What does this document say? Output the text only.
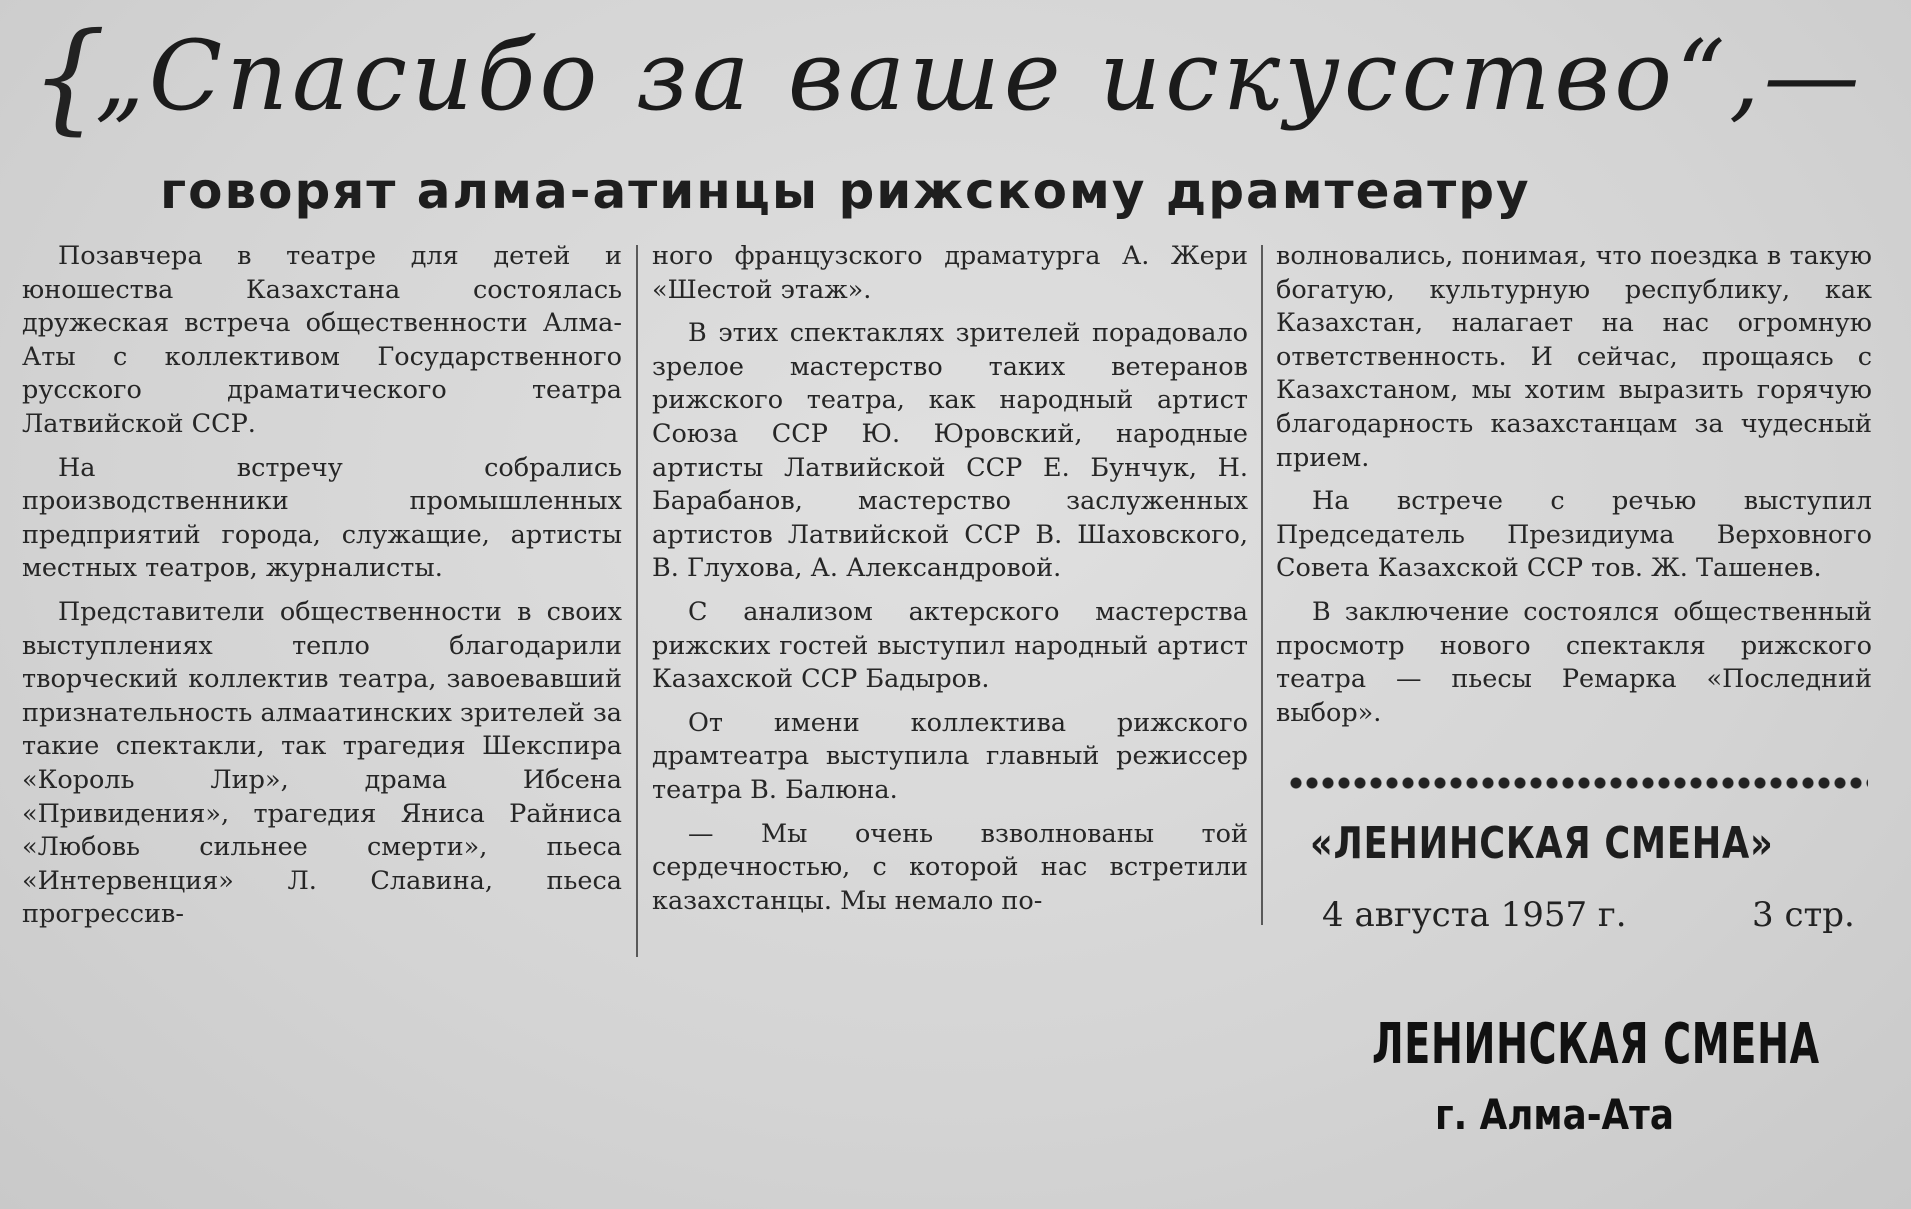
{
„Спасибо за ваше искусство“,—
говорят алма-атинцы рижскому драмтеатру

Позавчера в театре для детей и юношества Казахстана состоялась дружеская встреча общественности Алма-Аты с коллективом Государственного русского драматического театра Латвийской ССР.

На встречу собрались производственники промышленных предприятий города, служащие, артисты местных театров, журналисты.

Представители общественности в своих выступлениях тепло благодарили творческий коллектив театра, завоевавший признательность алмаатинских зрителей за такие спектакли, так трагедия Шекспира «Король Лир», драма Ибсена «Привидения», трагедия Яниса Райниса «Любовь сильнее смерти», пьеса «Интервенция» Л. Славина, пьеса прогрессив-

ного французского драматурга А. Жери «Шестой этаж».

В этих спектаклях зрителей порадовало зрелое мастерство таких ветеранов рижского театра, как народный артист Союза ССР Ю. Юровский, народные артисты Латвийской ССР Е. Бунчук, Н. Барабанов, мастерство заслуженных артистов Латвийской ССР В. Шаховского, В. Глухова, А. Александровой.

С анализом актерского мастерства рижских гостей выступил народный артист Казахской ССР Бадыров.

От имени коллектива рижского драмтеатра выступила главный режиссер театра В. Балюна.

— Мы очень взволнованы той сердечностью, с которой нас встретили казахстанцы. Мы немало по-

волновались, понимая, что поездка в такую богатую, культурную республику, как Казахстан, налагает на нас огромную ответственность. И сейчас, прощаясь с Казахстаном, мы хотим выразить горячую благодарность казахстанцам за чудесный прием.

На встрече с речью выступил Председатель Президиума Верховного Совета Казахской ССР тов. Ж. Ташенев.

В заключение состоялся общественный просмотр нового спектакля рижского театра — пьесы Ремарка «Последний выбор».

«ЛЕНИНСКАЯ СМЕНА»
4 августа 1957 г.	3 стр.
ЛЕНИНСКАЯ СМЕНА
г. Алма-Ата
